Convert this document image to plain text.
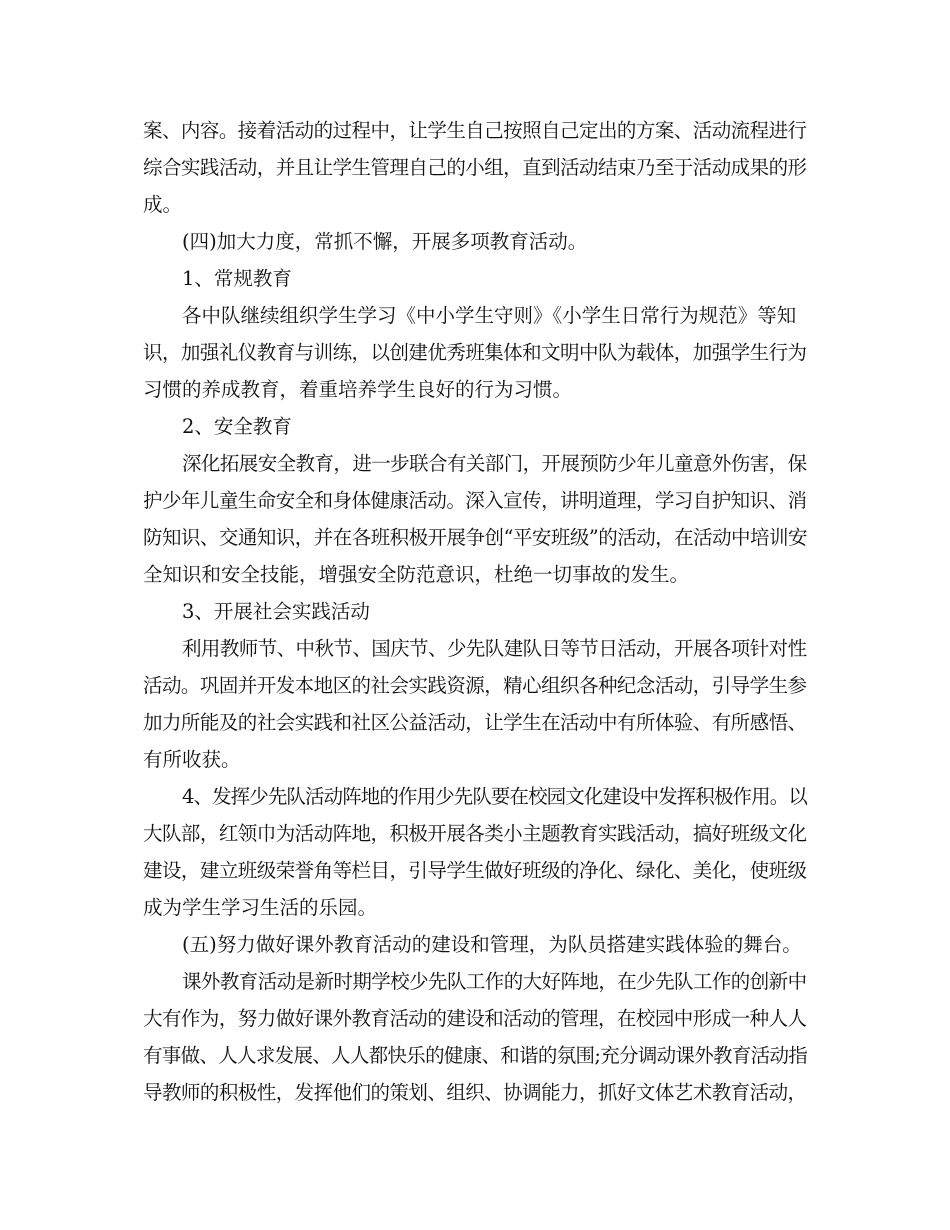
案、内容。接着活动的过程中，让学生自己按照自己定出的方案、活动流程进行
综合实践活动，并且让学生管理自己的小组，直到活动结束乃至于活动成果的形
成。
(四)加大力度，常抓不懈，开展多项教育活动。
1、常规教育
各中队继续组织学生学习《中小学生守则》《小学生日常行为规范》等知
识，加强礼仪教育与训练，以创建优秀班集体和文明中队为载体，加强学生行为
习惯的养成教育，着重培养学生良好的行为习惯。
2、安全教育
深化拓展安全教育，进一步联合有关部门，开展预防少年儿童意外伤害，保
护少年儿童生命安全和身体健康活动。深入宣传，讲明道理，学习自护知识、消
防知识、交通知识，并在各班积极开展争创“平安班级”的活动，在活动中培训安
全知识和安全技能，增强安全防范意识，杜绝一切事故的发生。
3、开展社会实践活动
利用教师节、中秋节、国庆节、少先队建队日等节日活动，开展各项针对性
活动。巩固并开发本地区的社会实践资源，精心组织各种纪念活动，引导学生参
加力所能及的社会实践和社区公益活动，让学生在活动中有所体验、有所感悟、
有所收获。
4、发挥少先队活动阵地的作用少先队要在校园文化建设中发挥积极作用。以
大队部，红领巾为活动阵地，积极开展各类小主题教育实践活动，搞好班级文化
建设，建立班级荣誉角等栏目，引导学生做好班级的净化、绿化、美化，使班级
成为学生学习生活的乐园。
(五)努力做好课外教育活动的建设和管理，为队员搭建实践体验的舞台。
课外教育活动是新时期学校少先队工作的大好阵地，在少先队工作的创新中
大有作为，努力做好课外教育活动的建设和活动的管理，在校园中形成一种人人
有事做、人人求发展、人人都快乐的健康、和谐的氛围;充分调动课外教育活动指
导教师的积极性，发挥他们的策划、组织、协调能力，抓好文体艺术教育活动，
